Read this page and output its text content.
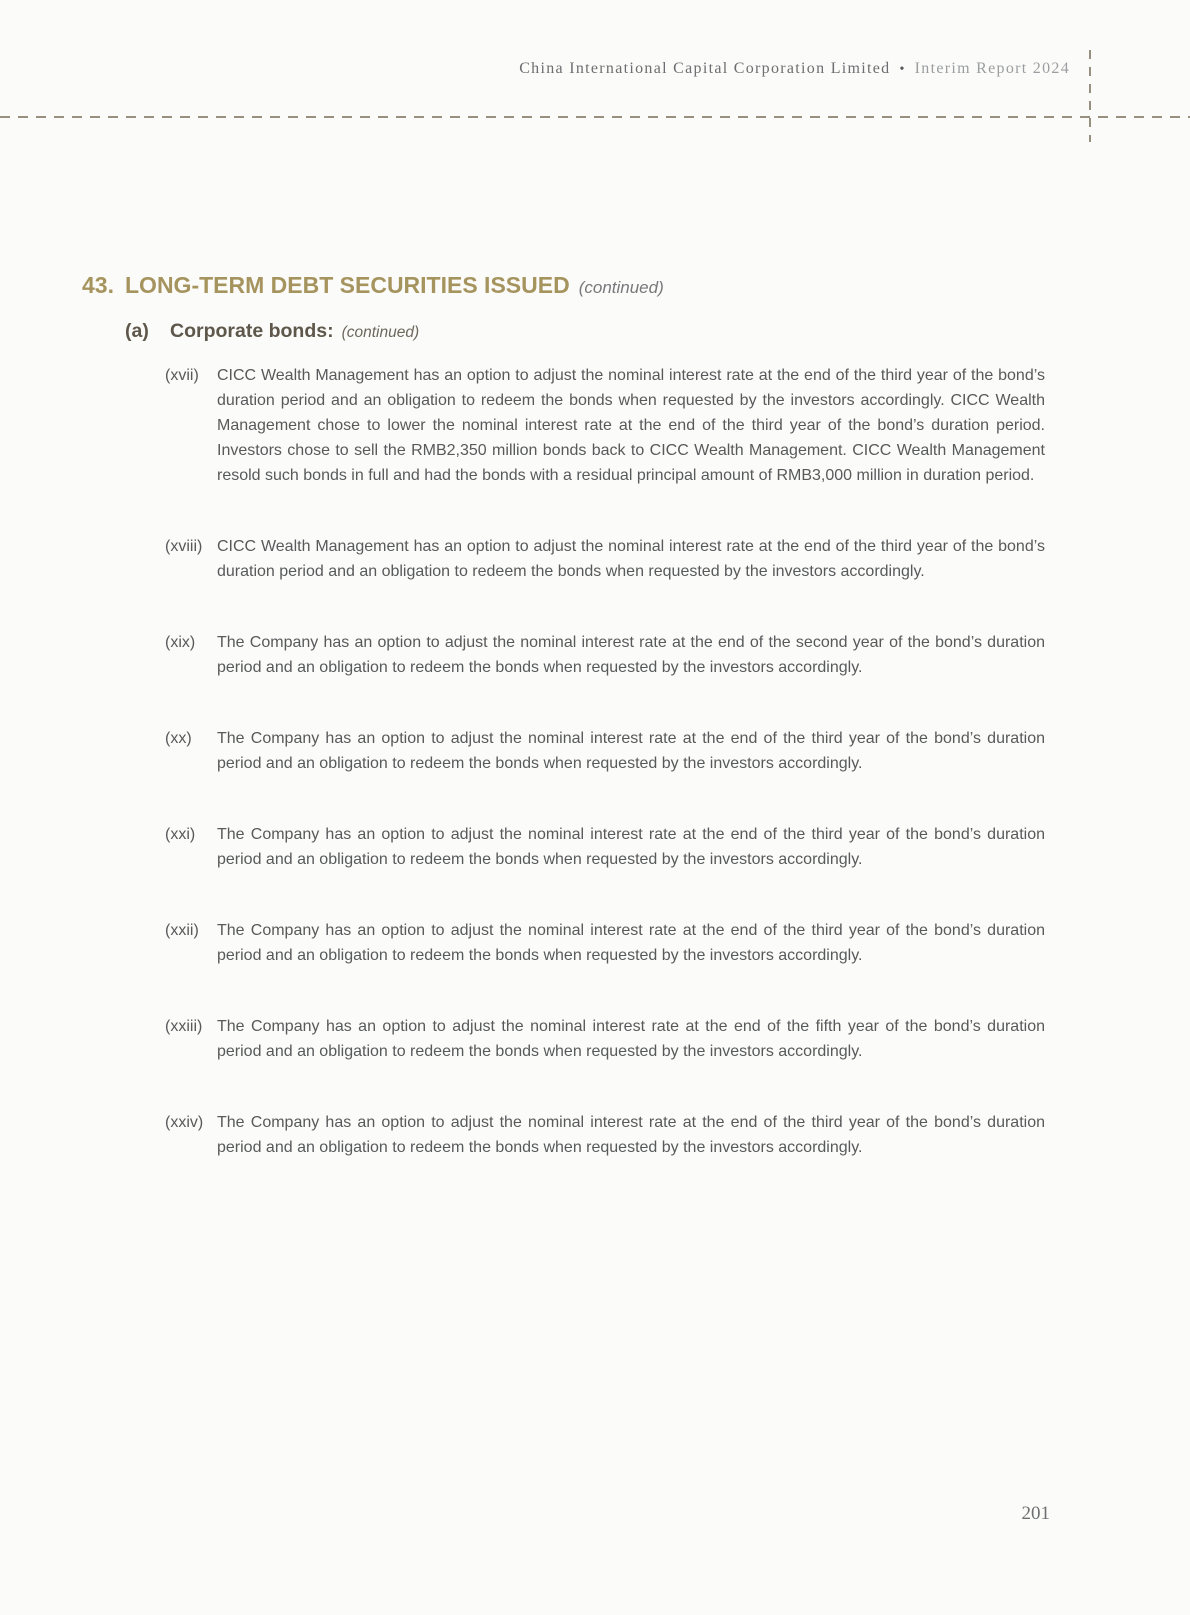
China International Capital Corporation Limited • Interim Report 2024
43. LONG-TERM DEBT SECURITIES ISSUED (continued)
(a)	Corporate bonds: (continued)
(xvii)	CICC Wealth Management has an option to adjust the nominal interest rate at the end of the third year of the bond’s duration period and an obligation to redeem the bonds when requested by the investors accordingly. CICC Wealth Management chose to lower the nominal interest rate at the end of the third year of the bond’s duration period. Investors chose to sell the RMB2,350 million bonds back to CICC Wealth Management. CICC Wealth Management resold such bonds in full and had the bonds with a residual principal amount of RMB3,000 million in duration period.
(xviii) CICC Wealth Management has an option to adjust the nominal interest rate at the end of the third year of the bond’s duration period and an obligation to redeem the bonds when requested by the investors accordingly.
(xix)	The Company has an option to adjust the nominal interest rate at the end of the second year of the bond’s duration period and an obligation to redeem the bonds when requested by the investors accordingly.
(xx)	The Company has an option to adjust the nominal interest rate at the end of the third year of the bond’s duration period and an obligation to redeem the bonds when requested by the investors accordingly.
(xxi)	The Company has an option to adjust the nominal interest rate at the end of the third year of the bond’s duration period and an obligation to redeem the bonds when requested by the investors accordingly.
(xxii)	The Company has an option to adjust the nominal interest rate at the end of the third year of the bond’s duration period and an obligation to redeem the bonds when requested by the investors accordingly.
(xxiii) The Company has an option to adjust the nominal interest rate at the end of the fifth year of the bond’s duration period and an obligation to redeem the bonds when requested by the investors accordingly.
(xxiv) The Company has an option to adjust the nominal interest rate at the end of the third year of the bond’s duration period and an obligation to redeem the bonds when requested by the investors accordingly.
201
